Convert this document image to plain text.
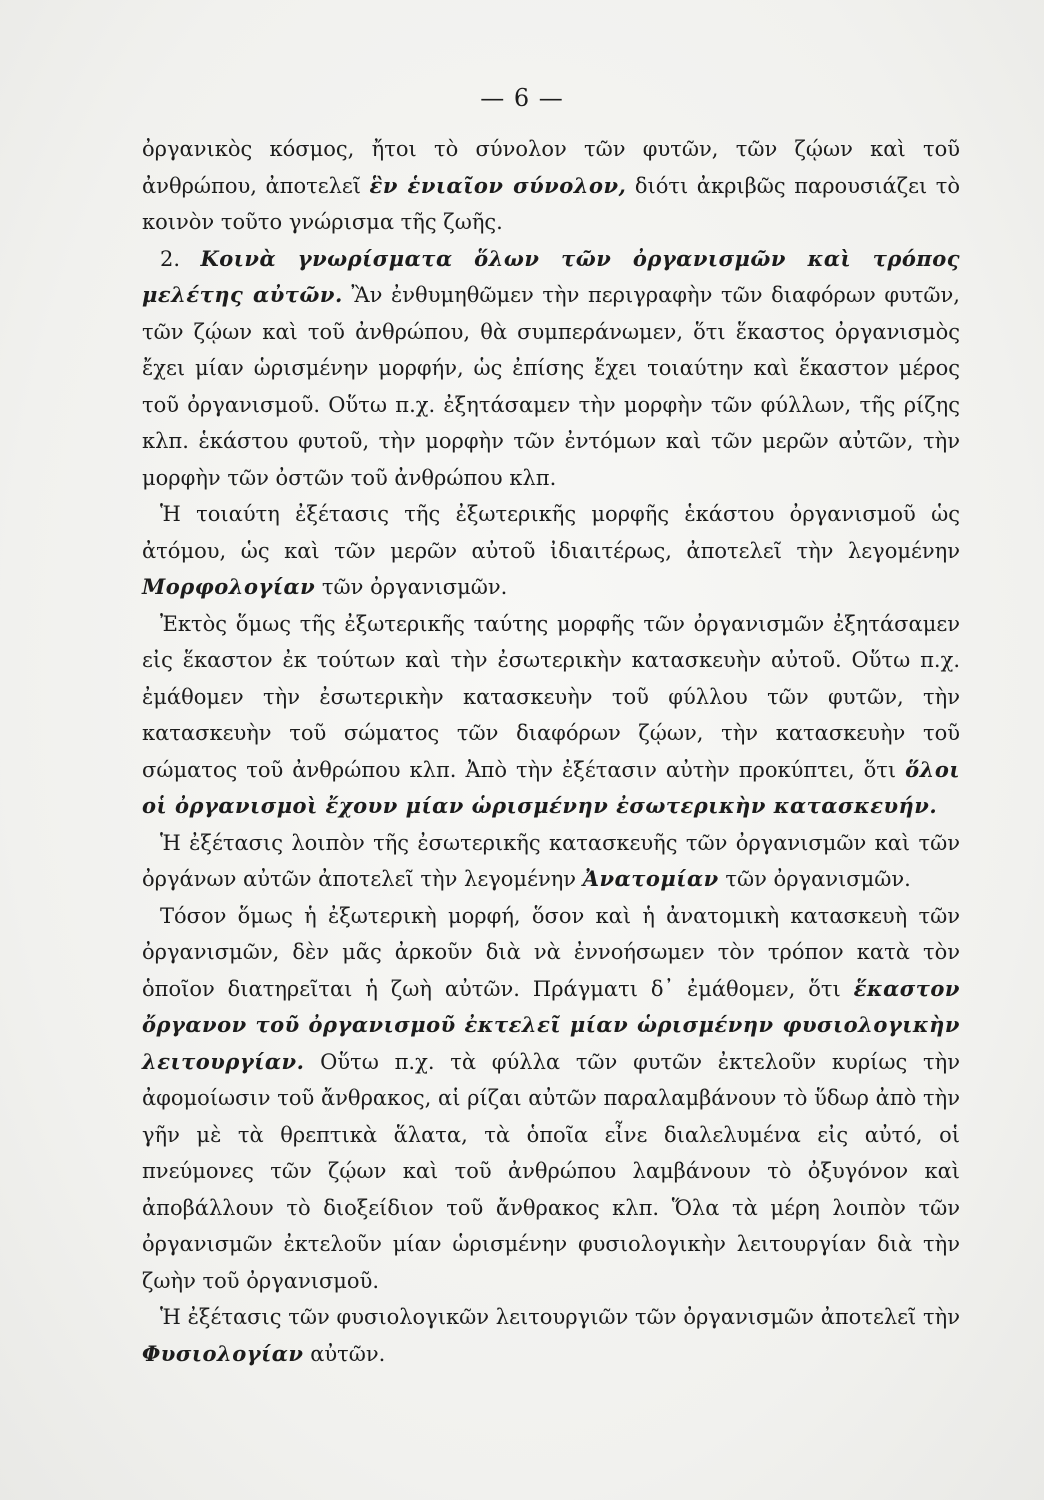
— 6 —

ὀργανικὸς κόσμος, ἤτοι τὸ σύνολον τῶν φυτῶν, τῶν ζῴων καὶ τοῦ ἀνθρώπου, ἀποτελεῖ ἓν ἑνιαῖον σύνολον, διότι ἀκριβῶς παρουσιάζει τὸ κοινὸν τοῦτο γνώρισμα τῆς ζωῆς.

2. Κοινὰ γνωρίσματα ὅλων τῶν ὀργανισμῶν καὶ τρόπος μελέτης αὐτῶν. Ἂν ἐνθυμηθῶμεν τὴν περιγραφὴν τῶν διαφόρων φυτῶν, τῶν ζῴων καὶ τοῦ ἀνθρώπου, θὰ συμπεράνωμεν, ὅτι ἕκαστος ὀργανισμὸς ἔχει μίαν ὡρισμένην μορφήν, ὡς ἐπίσης ἔχει τοιαύτην καὶ ἕκαστον μέρος τοῦ ὀργανισμοῦ. Οὕτω π.χ. ἐξητάσαμεν τὴν μορφὴν τῶν φύλλων, τῆς ρίζης κλπ. ἑκάστου φυτοῦ, τὴν μορφὴν τῶν ἐντόμων καὶ τῶν μερῶν αὐτῶν, τὴν μορφὴν τῶν ὀστῶν τοῦ ἀνθρώπου κλπ.

Ἡ τοιαύτη ἐξέτασις τῆς ἐξωτερικῆς μορφῆς ἑκάστου ὀργανισμοῦ ὡς ἀτόμου, ὡς καὶ τῶν μερῶν αὐτοῦ ἰδιαιτέρως, ἀποτελεῖ τὴν λεγομένην Μορφολογίαν τῶν ὀργανισμῶν.

Ἐκτὸς ὅμως τῆς ἐξωτερικῆς ταύτης μορφῆς τῶν ὀργανισμῶν ἐξητάσαμεν εἰς ἕκαστον ἐκ τούτων καὶ τὴν ἐσωτερικὴν κατασκευὴν αὐτοῦ. Οὕτω π.χ. ἐμάθομεν τὴν ἐσωτερικὴν κατασκευὴν τοῦ φύλλου τῶν φυτῶν, τὴν κατασκευὴν τοῦ σώματος τῶν διαφόρων ζῴων, τὴν κατασκευὴν τοῦ σώματος τοῦ ἀνθρώπου κλπ. Ἀπὸ τὴν ἐξέτασιν αὐτὴν προκύπτει, ὅτι ὅλοι οἱ ὀργανισμοὶ ἔχουν μίαν ὡρισμένην ἐσωτερικὴν κατασκευήν.

Ἡ ἐξέτασις λοιπὸν τῆς ἐσωτερικῆς κατασκευῆς τῶν ὀργανισμῶν καὶ τῶν ὀργάνων αὐτῶν ἀποτελεῖ τὴν λεγομένην Ἀνατομίαν τῶν ὀργανισμῶν.

Τόσον ὅμως ἡ ἐξωτερικὴ μορφή, ὅσον καὶ ἡ ἀνατομικὴ κατασκευὴ τῶν ὀργανισμῶν, δὲν μᾶς ἀρκοῦν διὰ νὰ ἐννοήσωμεν τὸν τρόπον κατὰ τὸν ὁποῖον διατηρεῖται ἡ ζωὴ αὐτῶν. Πράγματι δ᾽ ἐμάθομεν, ὅτι ἕκαστον ὄργανον τοῦ ὀργανισμοῦ ἐκτελεῖ μίαν ὡρισμένην φυσιολογικὴν λειτουργίαν. Οὕτω π.χ. τὰ φύλλα τῶν φυτῶν ἐκτελοῦν κυρίως τὴν ἀφομοίωσιν τοῦ ἄνθρακος, αἱ ρίζαι αὐτῶν παραλαμβάνουν τὸ ὕδωρ ἀπὸ τὴν γῆν μὲ τὰ θρεπτικὰ ἅλατα, τὰ ὁποῖα εἶνε διαλελυμένα εἰς αὐτό, οἱ πνεύμονες τῶν ζῴων καὶ τοῦ ἀνθρώπου λαμβάνουν τὸ ὀξυγόνον καὶ ἀποβάλλουν τὸ διοξείδιον τοῦ ἄνθρακος κλπ. Ὅλα τὰ μέρη λοιπὸν τῶν ὀργανισμῶν ἐκτελοῦν μίαν ὡρισμένην φυσιολογικὴν λειτουργίαν διὰ τὴν ζωὴν τοῦ ὀργανισμοῦ.

Ἡ ἐξέτασις τῶν φυσιολογικῶν λειτουργιῶν τῶν ὀργανισμῶν ἀποτελεῖ τὴν Φυσιολογίαν αὐτῶν.
